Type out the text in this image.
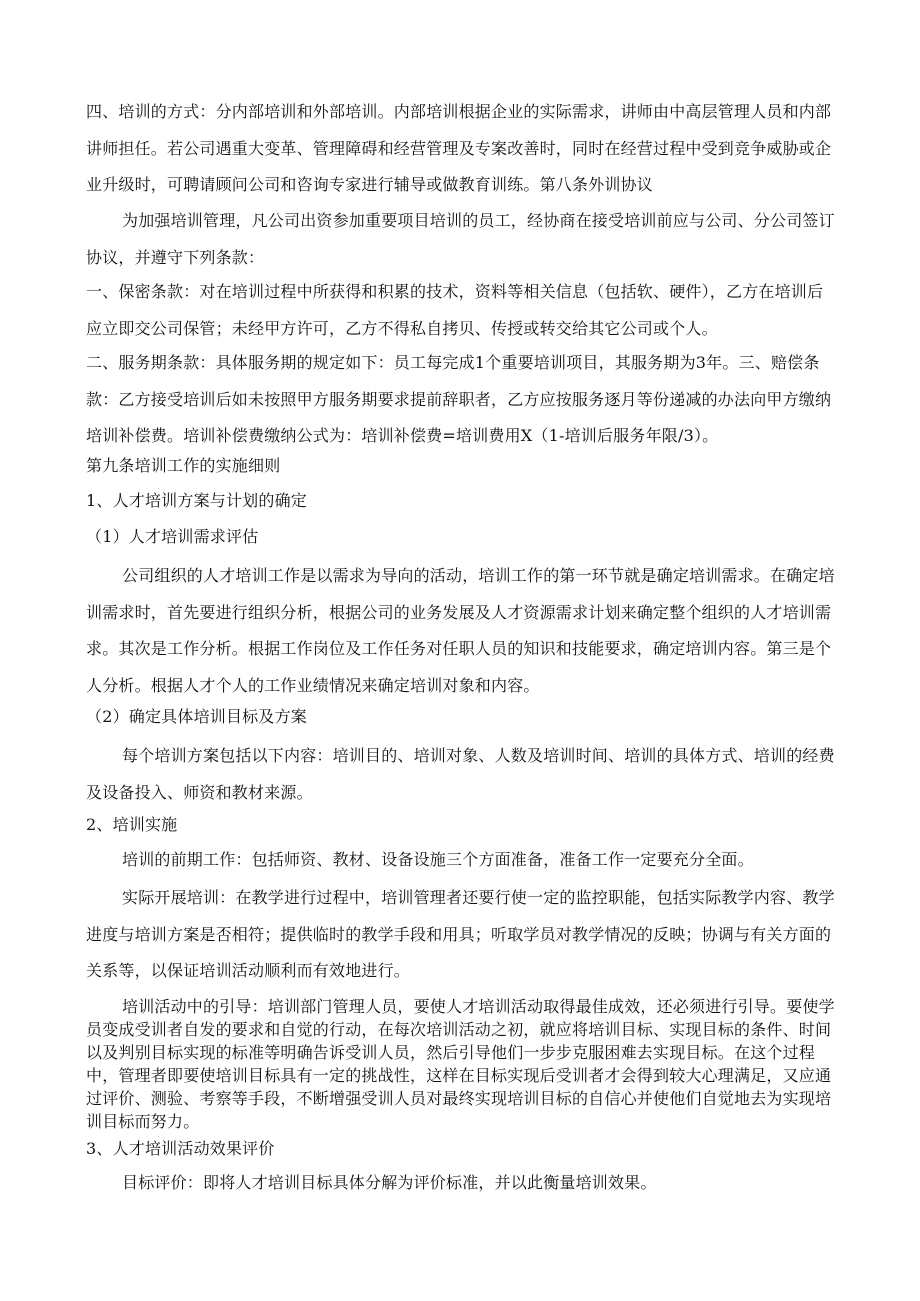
四、培训的方式：分内部培训和外部培训。内部培训根据企业的实际需求，讲师由中高层管理人员和内部讲师担任。若公司遇重大变革、管理障碍和经营管理及专案改善时，同时在经营过程中受到竞争威胁或企业升级时，可聘请顾问公司和咨询专家进行辅导或做教育训练。第八条外训协议

为加强培训管理，凡公司出资参加重要项目培训的员工，经协商在接受培训前应与公司、分公司签订协议，并遵守下列条款：

一、保密条款：对在培训过程中所获得和积累的技术，资料等相关信息（包括软、硬件），乙方在培训后应立即交公司保管；未经甲方许可，乙方不得私自拷贝、传授或转交给其它公司或个人。

二、服务期条款：具体服务期的规定如下：员工每完成1个重要培训项目，其服务期为3年。三、赔偿条款：乙方接受培训后如未按照甲方服务期要求提前辞职者，乙方应按服务逐月等份递减的办法向甲方缴纳培训补偿费。培训补偿费缴纳公式为：培训补偿费=培训费用X（1-培训后服务年限/3）。

第九条培训工作的实施细则

1、人才培训方案与计划的确定

（1）人才培训需求评估

公司组织的人才培训工作是以需求为导向的活动，培训工作的第一环节就是确定培训需求。在确定培训需求时，首先要进行组织分析，根据公司的业务发展及人才资源需求计划来确定整个组织的人才培训需求。其次是工作分析。根据工作岗位及工作任务对任职人员的知识和技能要求，确定培训内容。第三是个人分析。根据人才个人的工作业绩情况来确定培训对象和内容。

（2）确定具体培训目标及方案

每个培训方案包括以下内容：培训目的、培训对象、人数及培训时间、培训的具体方式、培训的经费及设备投入、师资和教材来源。

2、培训实施

培训的前期工作：包括师资、教材、设备设施三个方面准备，准备工作一定要充分全面。

实际开展培训：在教学进行过程中，培训管理者还要行使一定的监控职能，包括实际教学内容、教学进度与培训方案是否相符；提供临时的教学手段和用具；听取学员对教学情况的反映；协调与有关方面的关系等，以保证培训活动顺利而有效地进行。

培训活动中的引导：培训部门管理人员，要使人才培训活动取得最佳成效，还必须进行引导。要使学员变成受训者自发的要求和自觉的行动，在每次培训活动之初，就应将培训目标、实现目标的条件、时间以及判别目标实现的标准等明确告诉受训人员，然后引导他们一步步克服困难去实现目标。在这个过程中，管理者即要使培训目标具有一定的挑战性，这样在目标实现后受训者才会得到较大心理满足，又应通过评价、测验、考察等手段，不断增强受训人员对最终实现培训目标的自信心并使他们自觉地去为实现培训目标而努力。

3、人才培训活动效果评价

目标评价：即将人才培训目标具体分解为评价标准，并以此衡量培训效果。
